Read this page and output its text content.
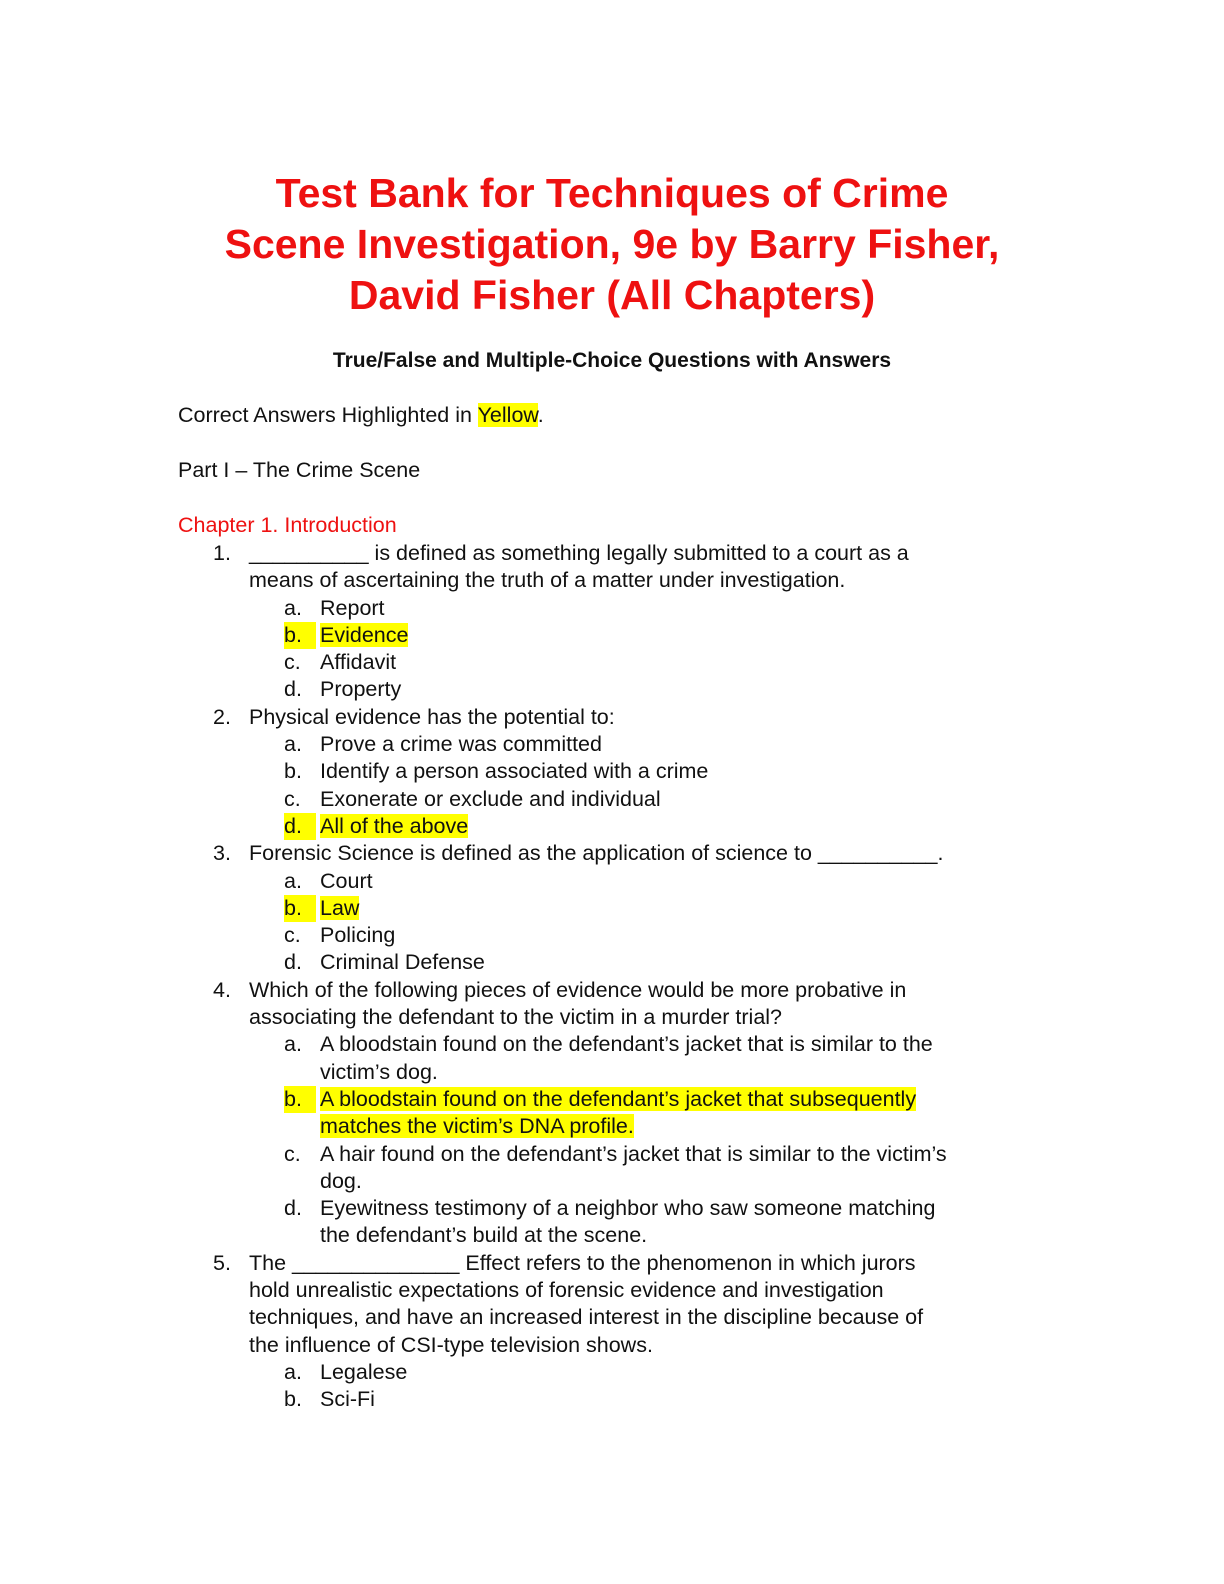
Test Bank for Techniques of Crime
Scene Investigation, 9e by Barry Fisher,
David Fisher (All Chapters)
True/False and Multiple-Choice Questions with Answers
Correct Answers Highlighted in Yellow.
Part I – The Crime Scene
Chapter 1. Introduction
1. __________ is defined as something legally submitted to a court as a
means of ascertaining the truth of a matter under investigation.
a. Report
b. Evidence
c. Affidavit
d. Property
2. Physical evidence has the potential to:
a. Prove a crime was committed
b. Identify a person associated with a crime
c. Exonerate or exclude and individual
d. All of the above
3. Forensic Science is defined as the application of science to __________.
a. Court
b. Law
c. Policing
d. Criminal Defense
4. Which of the following pieces of evidence would be more probative in
associating the defendant to the victim in a murder trial?
a. A bloodstain found on the defendant’s jacket that is similar to the
victim’s dog.
b. A bloodstain found on the defendant’s jacket that subsequently
matches the victim’s DNA profile.
c. A hair found on the defendant’s jacket that is similar to the victim’s
dog.
d. Eyewitness testimony of a neighbor who saw someone matching
the defendant’s build at the scene.
5. The ______________ Effect refers to the phenomenon in which jurors
hold unrealistic expectations of forensic evidence and investigation
techniques, and have an increased interest in the discipline because of
the influence of CSI-type television shows.
a. Legalese
b. Sci-Fi
